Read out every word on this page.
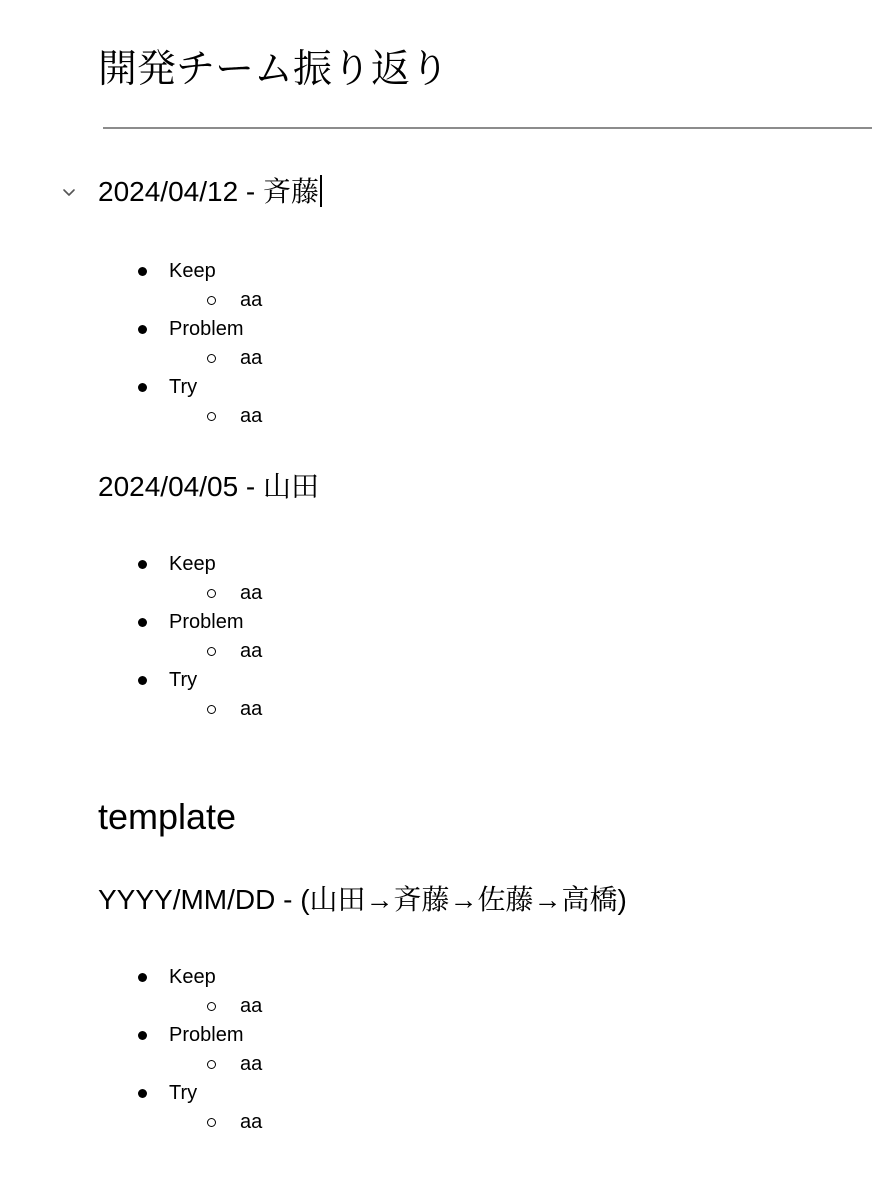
開発チーム振り返り
2024/04/12 - 斉藤
Keep
aa
Problem
aa
Try
aa
2024/04/05 - 山田
Keep
aa
Problem
aa
Try
aa
template
YYYY/MM/DD - (山田→斉藤→佐藤→高橋)
Keep
aa
Problem
aa
Try
aa
